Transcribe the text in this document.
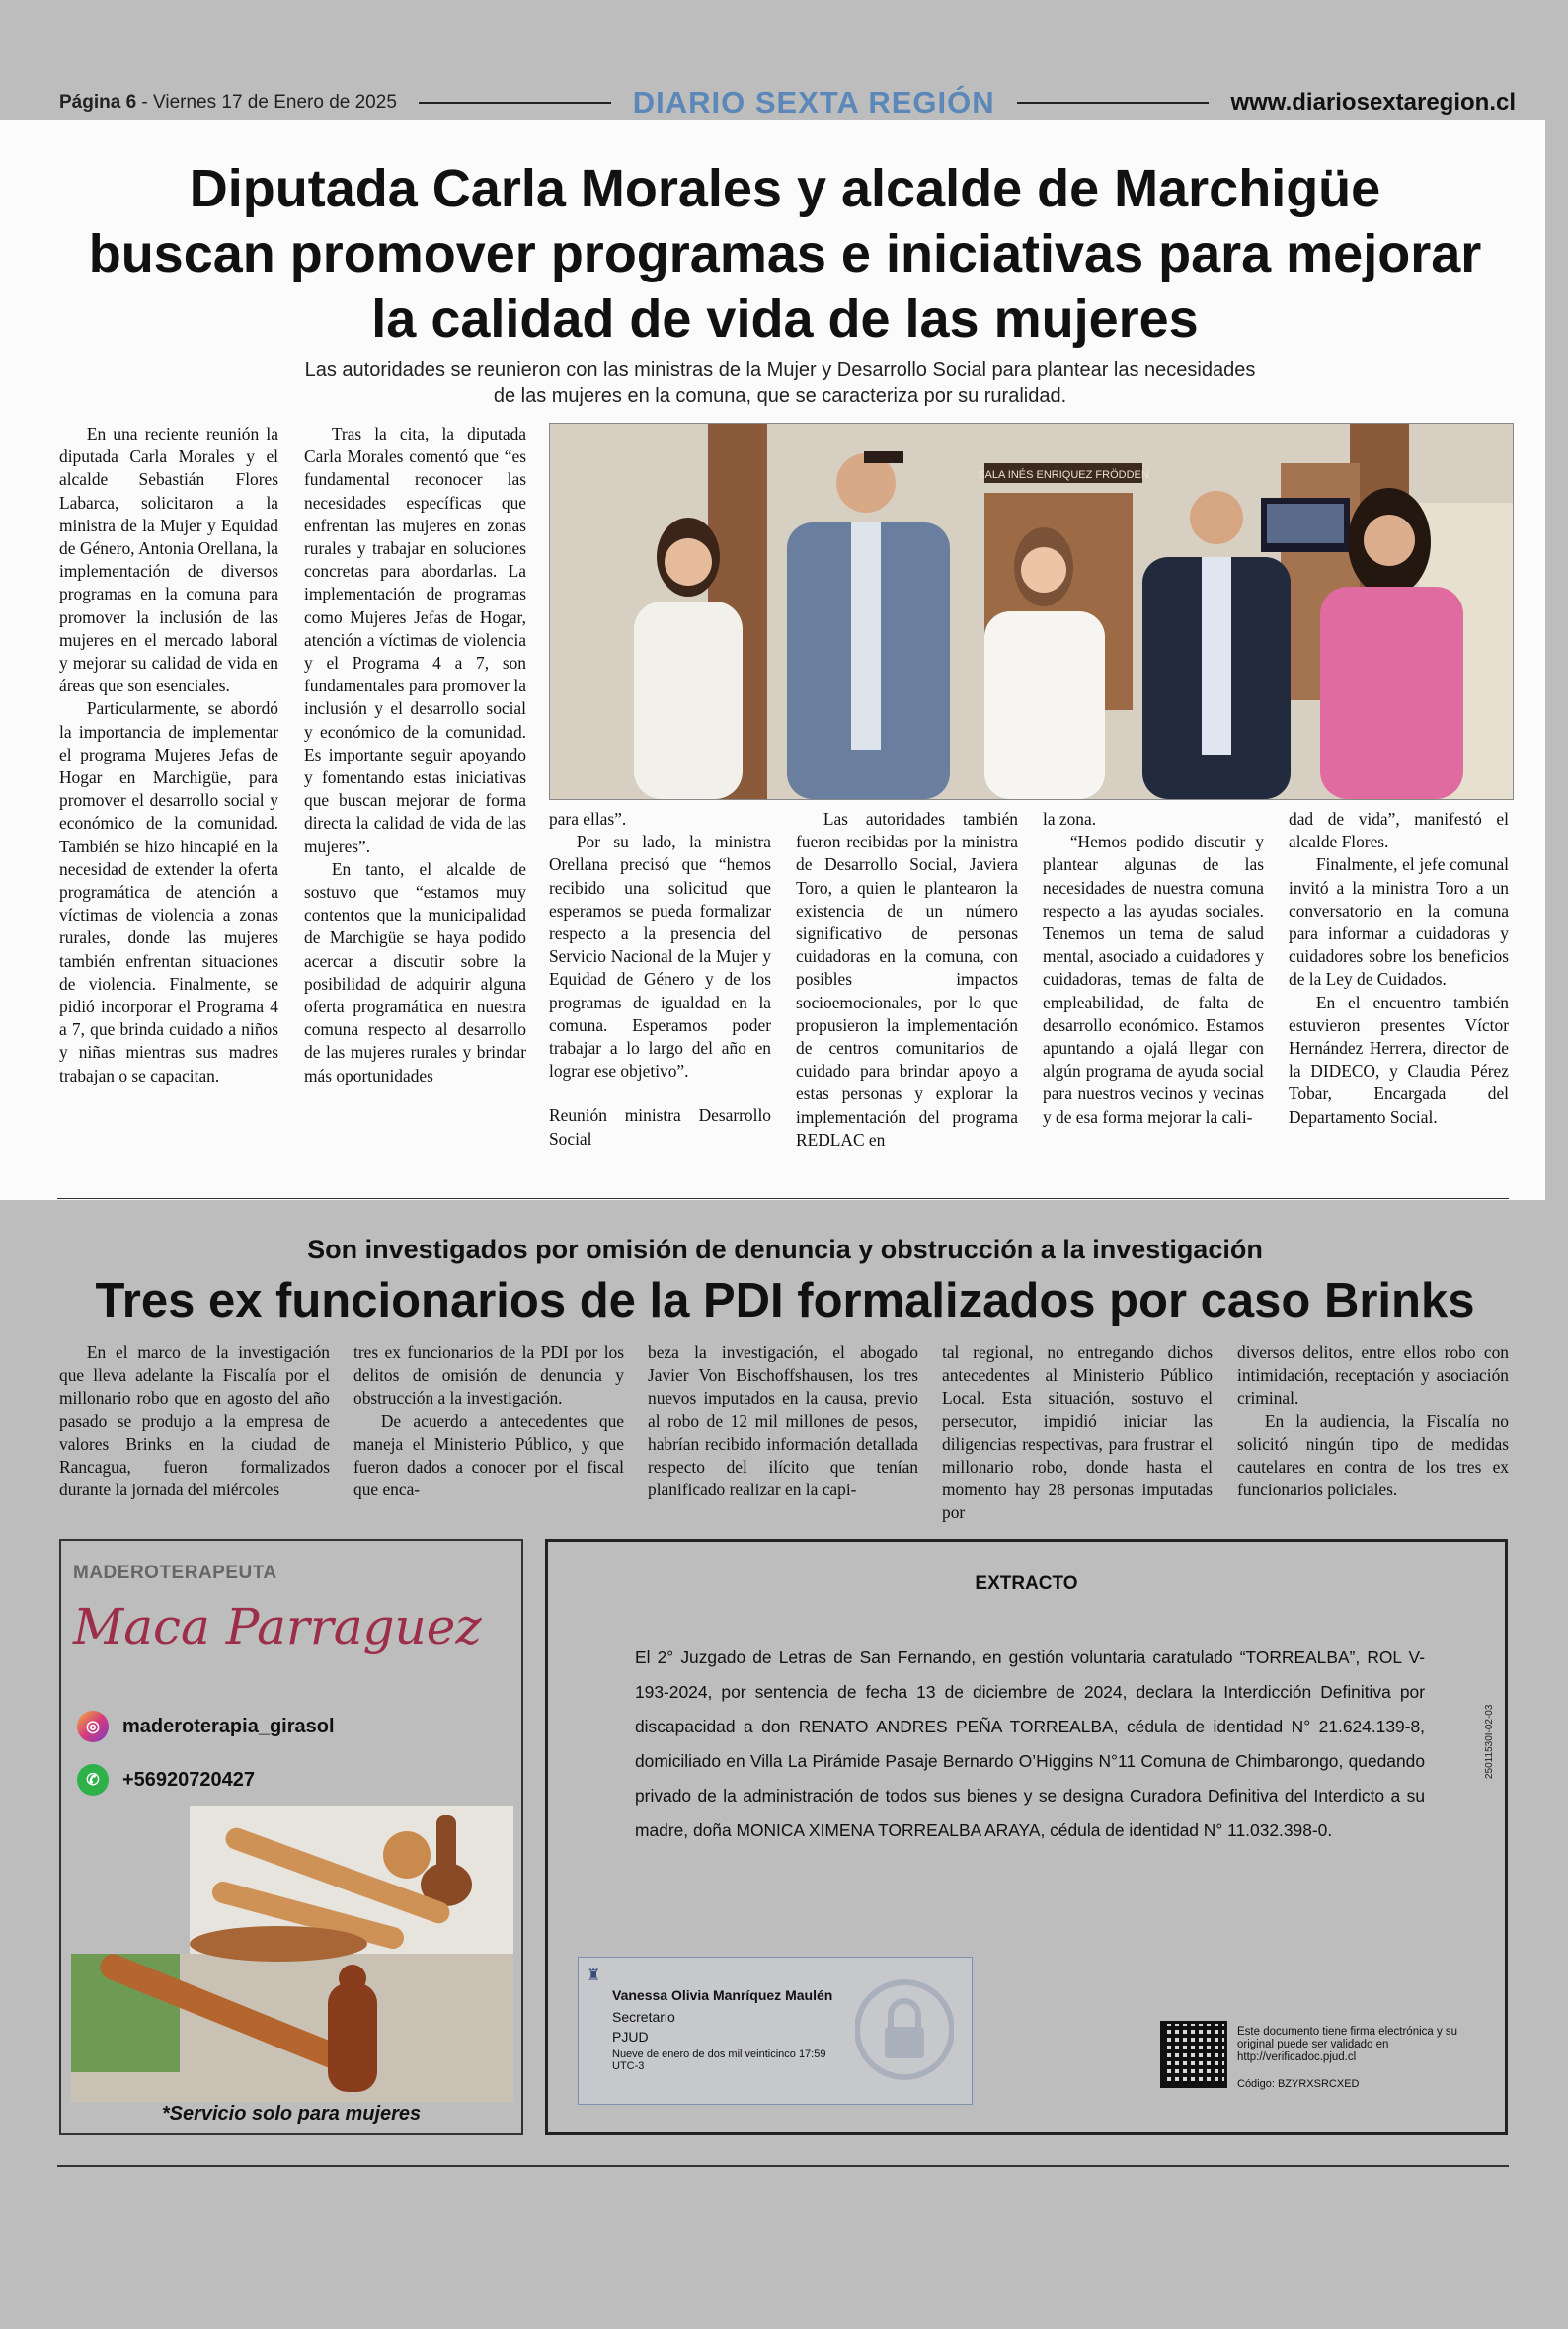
Página 6 - Viernes 17 de Enero de 2025	DIARIO SEXTA REGIÓN	www.diariosextaregion.cl
Diputada Carla Morales y alcalde de Marchigüe
buscan promover programas e iniciativas para mejorar
la calidad de vida de las mujeres
Las autoridades se reunieron con las ministras de la Mujer y Desarrollo Social para plantear las necesidades
de las mujeres en la comuna, que se caracteriza por su ruralidad.

En una reciente reunión la diputada Carla Morales y el alcalde Sebastián Flores Labarca, solicitaron a la ministra de la Mujer y Equidad de Género, Antonia Orellana, la implementación de diversos programas en la comuna para promover la inclusión de las mujeres en el mercado laboral y mejorar su calidad de vida en áreas que son esenciales.

Particularmente, se abordó la importancia de implementar el programa Mujeres Jefas de Hogar en Marchigüe, para promover el desarrollo social y económico de la comunidad. También se hizo hincapié en la necesidad de extender la oferta programática de atención a víctimas de violencia a zonas rurales, donde las mujeres también enfrentan situaciones de violencia. Finalmente, se pidió incorporar el Programa 4 a 7, que brinda cuidado a niños y niñas mientras sus madres trabajan o se capacitan.

Tras la cita, la diputada Carla Morales comentó que “es fundamental reconocer las necesidades específicas que enfrentan las mujeres en zonas rurales y trabajar en soluciones concretas para abordarlas. La implementación de programas como Mujeres Jefas de Hogar, atención a víctimas de violencia y el Programa 4 a 7, son fundamentales para promover la inclusión y el desarrollo social y económico de la comunidad. Es importante seguir apoyando y fomentando estas iniciativas que buscan mejorar de forma directa la calidad de vida de las mujeres”.

En tanto, el alcalde de sostuvo que “estamos muy contentos que la municipalidad de Marchigüe se haya podido acercar a discutir sobre la posibilidad de adquirir alguna oferta programática en nuestra comuna respecto al desarrollo de las mujeres rurales y brindar más oportunidades

SALA INÉS ENRIQUEZ FRÖDDEN

para ellas”.

Por su lado, la ministra Orellana precisó que “hemos recibido una solicitud que esperamos se pueda formalizar respecto a la presencia del Servicio Nacional de la Mujer y Equidad de Género y de los programas de igualdad en la comuna. Esperamos poder trabajar a lo largo del año en lograr ese objetivo”.

Reunión ministra Desarrollo Social

Las autoridades también fueron recibidas por la ministra de Desarrollo Social, Javiera Toro, a quien le plantearon la existencia de un número significativo de personas cuidadoras en la comuna, con posibles impactos socioemocionales, por lo que propusieron la implementación de centros comunitarios de cuidado para brindar apoyo a estas personas y explorar la implementación del programa REDLAC en

la zona.

“Hemos podido discutir y plantear algunas de las necesidades de nuestra comuna respecto a las ayudas sociales. Tenemos un tema de salud mental, asociado a cuidadores y cuidadoras, temas de falta de empleabilidad, de falta de desarrollo económico. Estamos apuntando a ojalá llegar con algún programa de ayuda social para nuestros vecinos y vecinas y de esa forma mejorar la cali-

dad de vida”, manifestó el alcalde Flores.

Finalmente, el jefe comunal invitó a la ministra Toro a un conversatorio en la comuna para informar a cuidadoras y cuidadores sobre los beneficios de la Ley de Cuidados.

En el encuentro también estuvieron presentes Víctor Hernández Herrera, director de la DIDECO, y Claudia Pérez Tobar, Encargada del Departamento Social.

Son investigados por omisión de denuncia y obstrucción a la investigación
Tres ex funcionarios de la PDI formalizados por caso Brinks

En el marco de la investigación que lleva adelante la Fiscalía por el millonario robo que en agosto del año pasado se produjo a la empresa de valores Brinks en la ciudad de Rancagua, fueron formalizados durante la jornada del miércoles

tres ex funcionarios de la PDI por los delitos de omisión de denuncia y obstrucción a la investigación.

De acuerdo a antecedentes que maneja el Ministerio Público, y que fueron dados a conocer por el fiscal que enca-

beza la investigación, el abogado Javier Von Bischoffshausen, los tres nuevos imputados en la causa, previo al robo de 12 mil millones de pesos, habrían recibido información detallada respecto del ilícito que tenían planificado realizar en la capi-

tal regional, no entregando dichos antecedentes al Ministerio Público Local. Esta situación, sostuvo el persecutor, impidió iniciar las diligencias respectivas, para frustrar el millonario robo, donde hasta el momento hay 28 personas imputadas por

diversos delitos, entre ellos robo con intimidación, receptación y asociación criminal.

En la audiencia, la Fiscalía no solicitó ningún tipo de medidas cautelares en contra de los tres ex funcionarios policiales.

MADEROTERAPEUTA
Maca Parraguez
◎	maderoterapia_girasol
✆	+56920720427
*Servicio solo para mujeres
EXTRACTO
El 2° Juzgado de Letras de San Fernando, en gestión voluntaria caratulado “TORREALBA”, ROL V-193-2024, por sentencia de fecha 13 de diciembre de 2024, declara la Interdicción Definitiva por discapacidad a don RENATO ANDRES PEÑA TORREALBA, cédula de identidad N° 21.624.139-8, domiciliado en Villa La Pirámide Pasaje Bernardo O’Higgins N°11 Comuna de Chimbarongo, quedando privado de la administración de todos sus bienes y se designa Curadora Definitiva del Interdicto a su madre, doña MONICA XIMENA TORREALBA ARAYA, cédula de identidad N° 11.032.398-0.
♜
Vanessa Olivia Manríquez Maulén
Secretario
PJUD
Nueve de enero de dos mil veinticinco 17:59 UTC-3
Este documento tiene firma electrónica y su original puede ser validado en http://verificadoc.pjud.cl
Código: BZYRXSRCXED
25011530I-02-03
